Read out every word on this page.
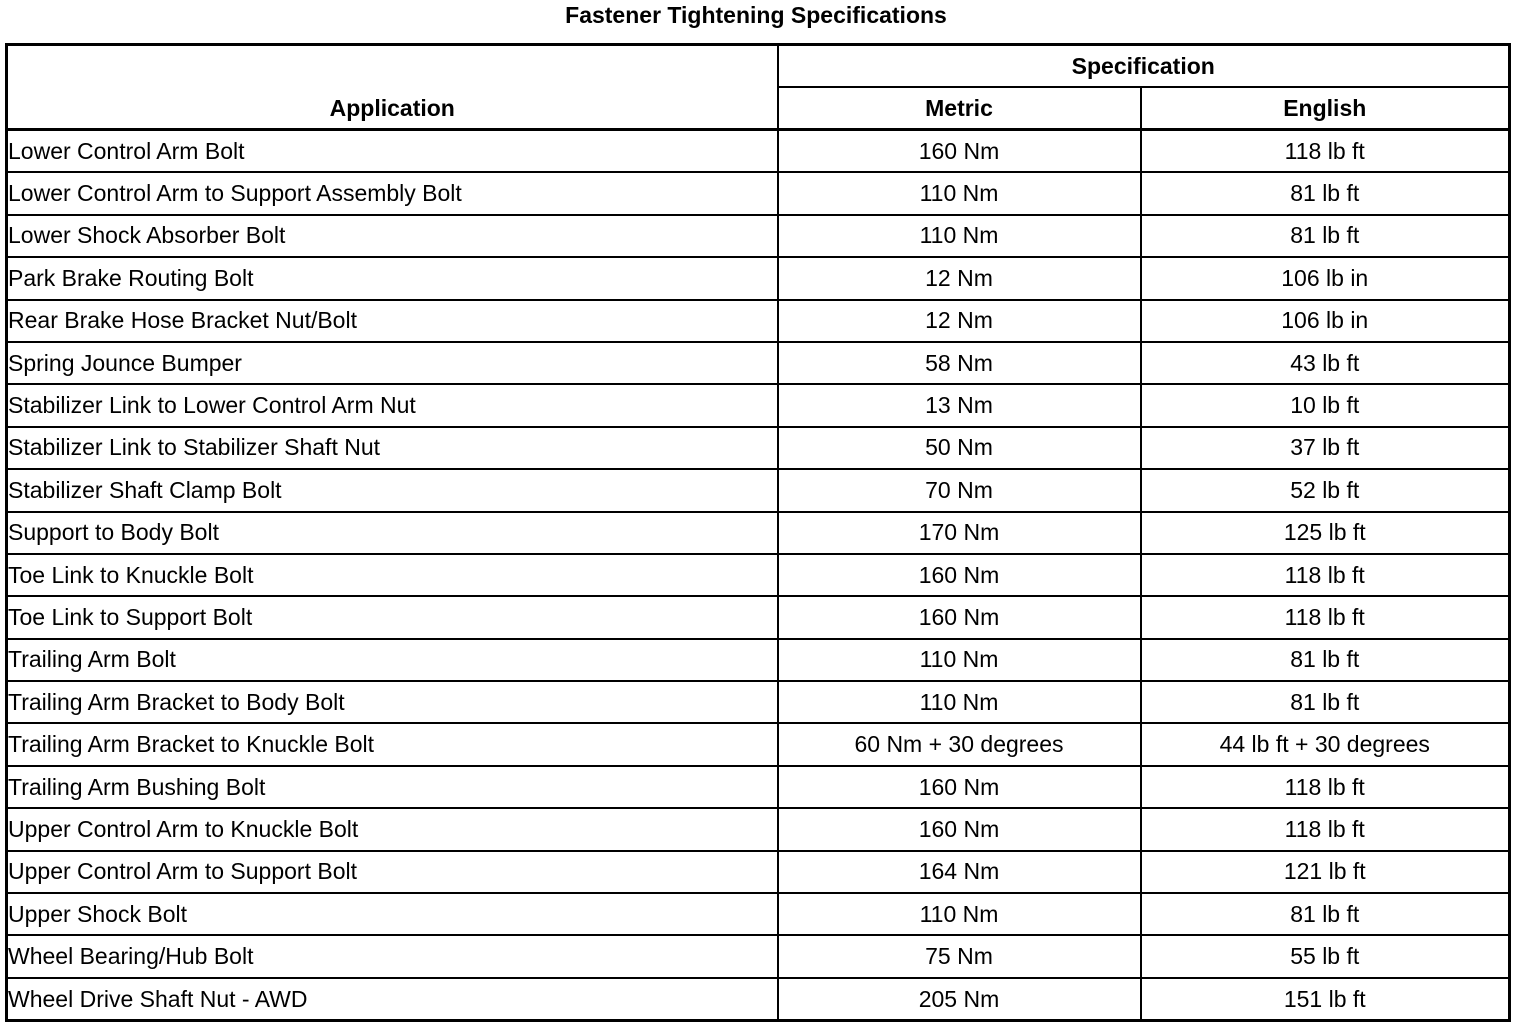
Fastener Tightening Specifications
Application	Specification	
	Metric	English
Lower Control Arm Bolt	160 Nm	118 lb ft
Lower Control Arm to Support Assembly Bolt	110 Nm	81 lb ft
Lower Shock Absorber Bolt	110 Nm	81 lb ft
Park Brake Routing Bolt	12 Nm	106 lb in
Rear Brake Hose Bracket Nut/Bolt	12 Nm	106 lb in
Spring Jounce Bumper	58 Nm	43 lb ft
Stabilizer Link to Lower Control Arm Nut	13 Nm	10 lb ft
Stabilizer Link to Stabilizer Shaft Nut	50 Nm	37 lb ft
Stabilizer Shaft Clamp Bolt	70 Nm	52 lb ft
Support to Body Bolt	170 Nm	125 lb ft
Toe Link to Knuckle Bolt	160 Nm	118 lb ft
Toe Link to Support Bolt	160 Nm	118 lb ft
Trailing Arm Bolt	110 Nm	81 lb ft
Trailing Arm Bracket to Body Bolt	110 Nm	81 lb ft
Trailing Arm Bracket to Knuckle Bolt	60 Nm + 30 degrees	44 lb ft + 30 degrees
Trailing Arm Bushing Bolt	160 Nm	118 lb ft
Upper Control Arm to Knuckle Bolt	160 Nm	118 lb ft
Upper Control Arm to Support Bolt	164 Nm	121 lb ft
Upper Shock Bolt	110 Nm	81 lb ft
Wheel Bearing/Hub Bolt	75 Nm	55 lb ft
Wheel Drive Shaft Nut - AWD	205 Nm	151 lb ft
